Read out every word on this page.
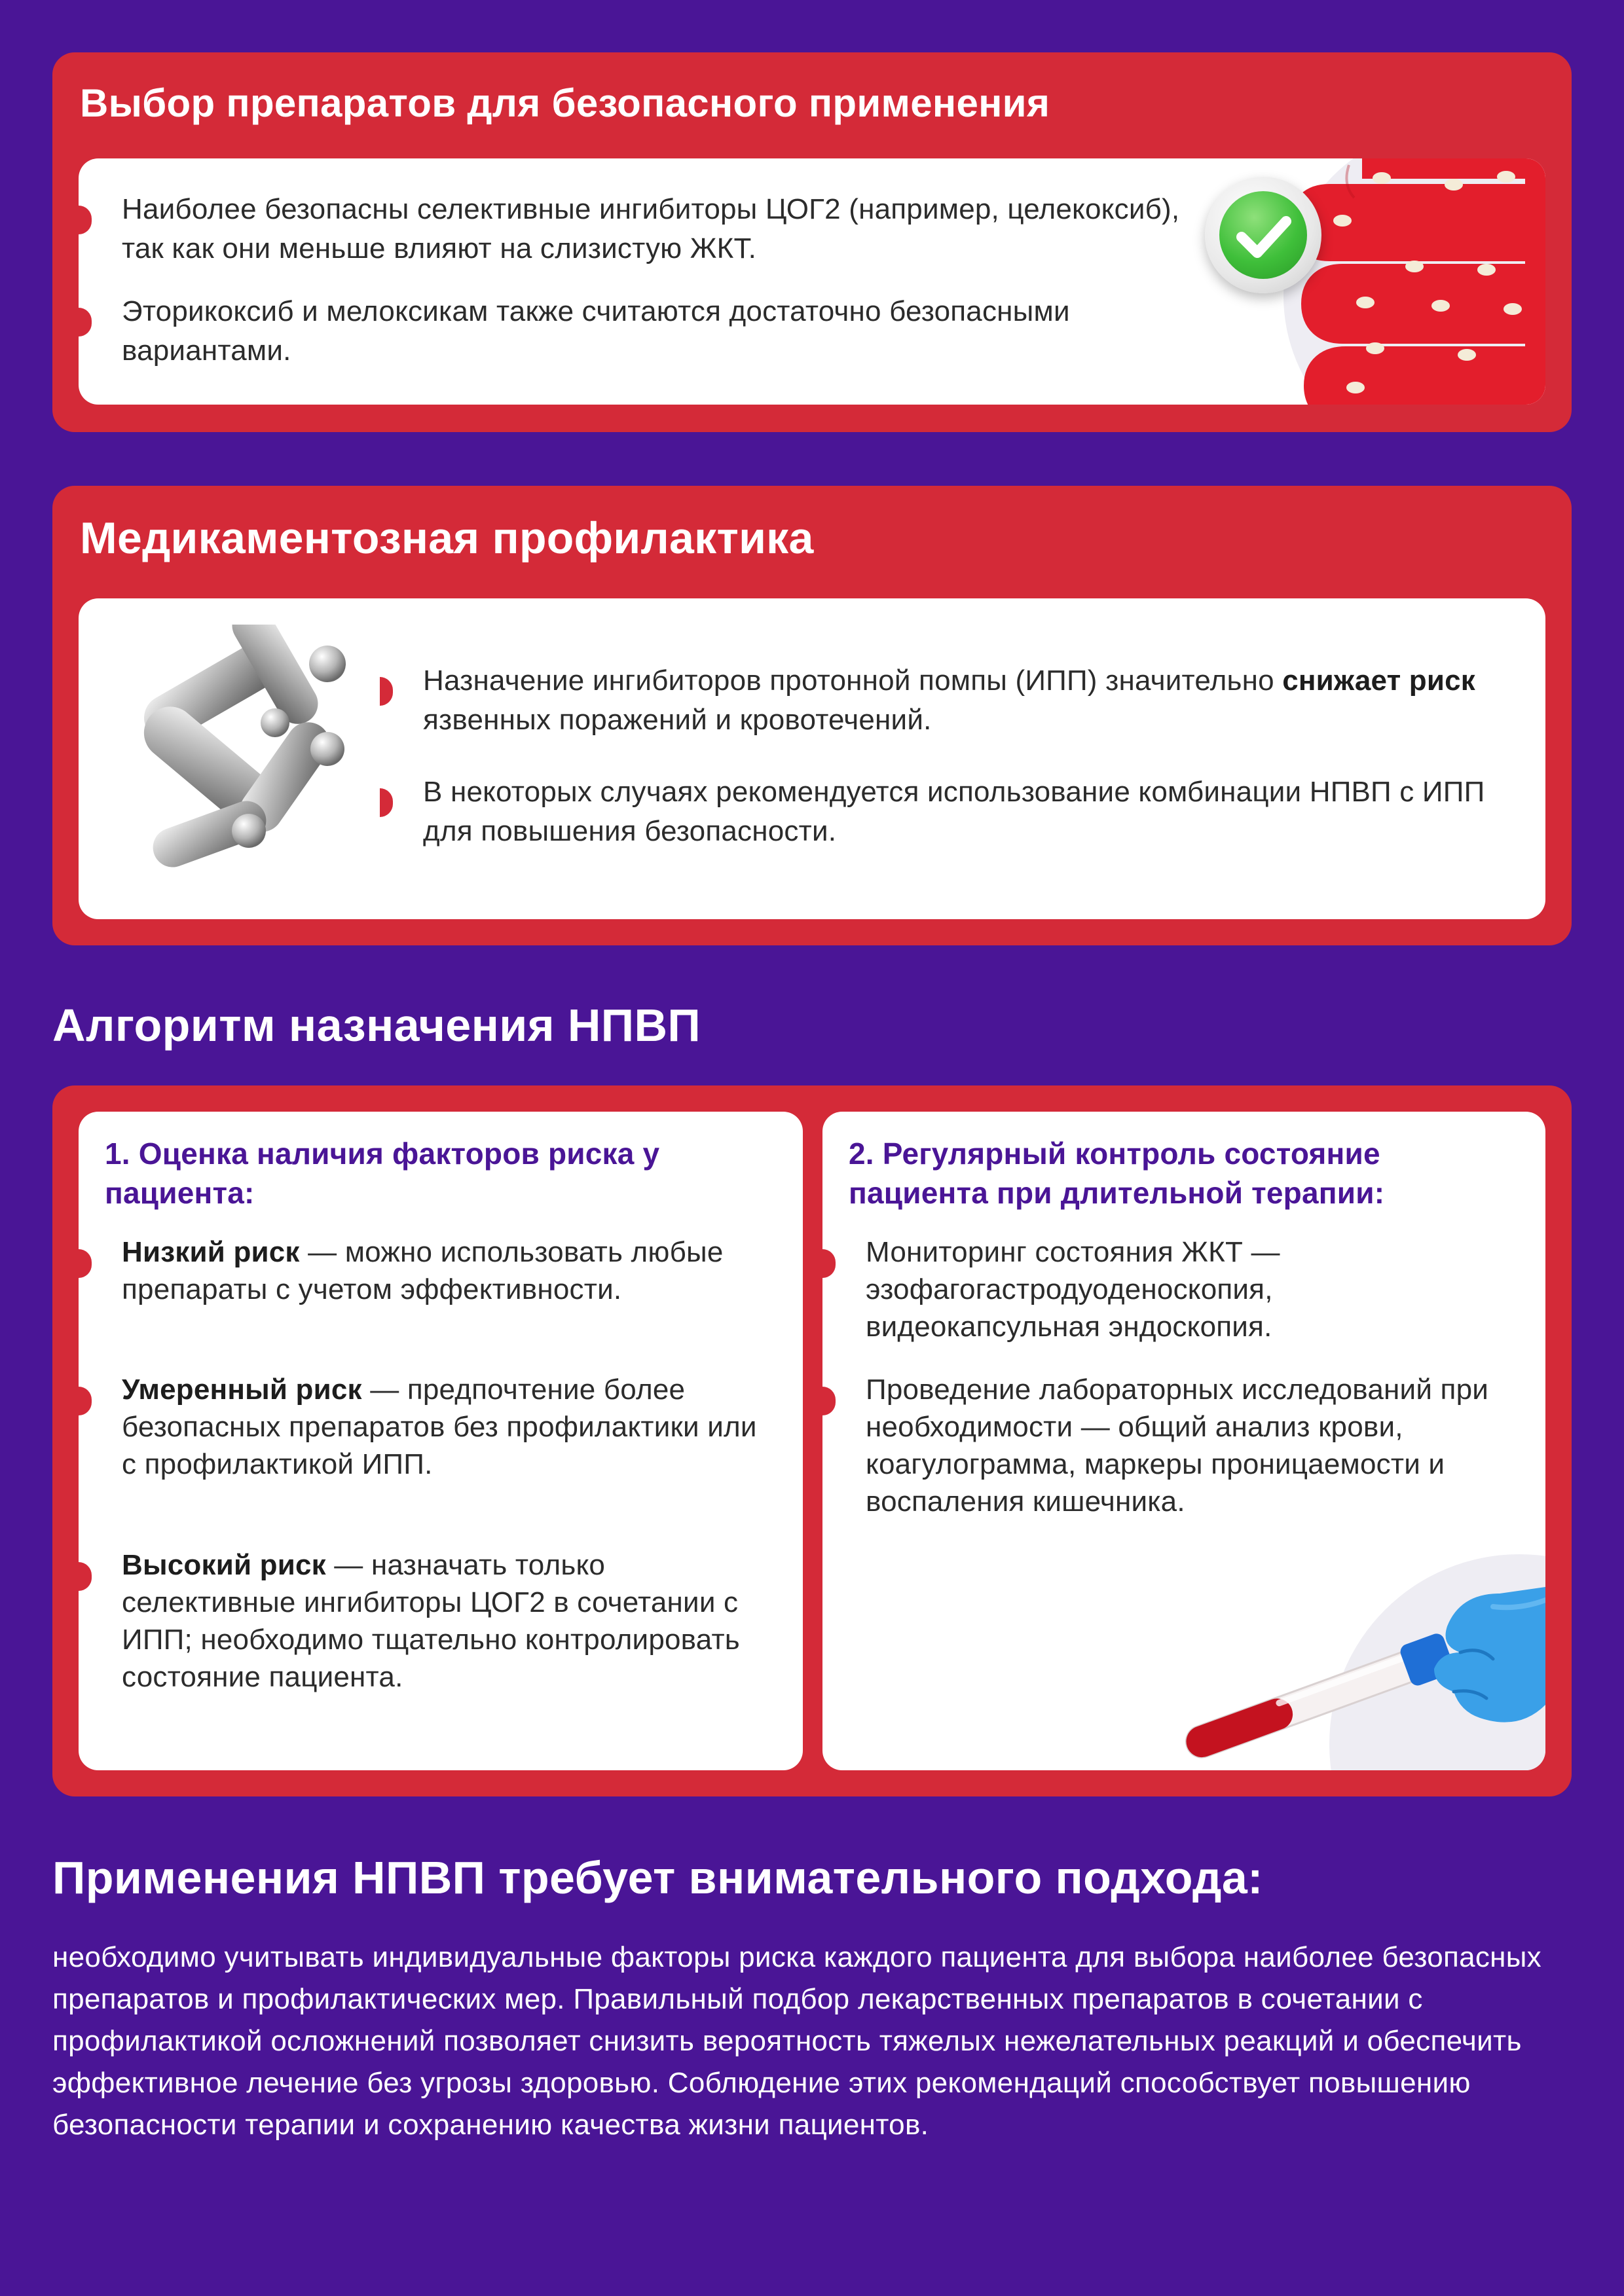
Выбор препаратов для безопасного применения
Наиболее безопасны селективные ингибиторы ЦОГ2 (например, целекоксиб), так как они меньше влияют на слизистую ЖКТ.
Эторикоксиб и мелоксикам также считаются достаточно безопасными вариантами.
Медикаментозная профилактика
Назначение ингибиторов протонной помпы (ИПП) значительно снижает риск язвенных поражений и кровотечений.
В некоторых случаях рекомендуется использование комбинации НПВП с ИПП для повышения безопасности.
Алгоритм назначения НПВП
1. Оценка наличия факторов риска у пациента:
Низкий риск — можно использовать любые препараты с учетом эффективности.
Умеренный риск — предпочтение более безопасных препаратов без профилактики или с профилактикой ИПП.
Высокий риск — назначать только селективные ингибиторы ЦОГ2 в сочетании с ИПП; необходимо тщательно контролировать состояние пациента.
2. Регулярный контроль состояние пациента при длительной терапии:
Мониторинг состояния ЖКТ — эзофагогастродуоденоскопия, видеокапсульная эндоскопия.
Проведение лабораторных исследований при необходимости — общий анализ крови, коагулограмма, маркеры проницаемости и воспаления кишечника.
Применения НПВП требует внимательного подхода:
необходимо учитывать индивидуальные факторы риска каждого пациента для выбора наиболее безопасных препаратов и профилактических мер. Правильный подбор лекарственных препаратов в сочетании с профилактикой осложнений позволяет снизить вероятность тяжелых нежелательных реакций и обеспечить эффективное лечение без угрозы здоровью. Соблюдение этих рекомендаций способствует повышению безопасности терапии и сохранению качества жизни пациентов.
